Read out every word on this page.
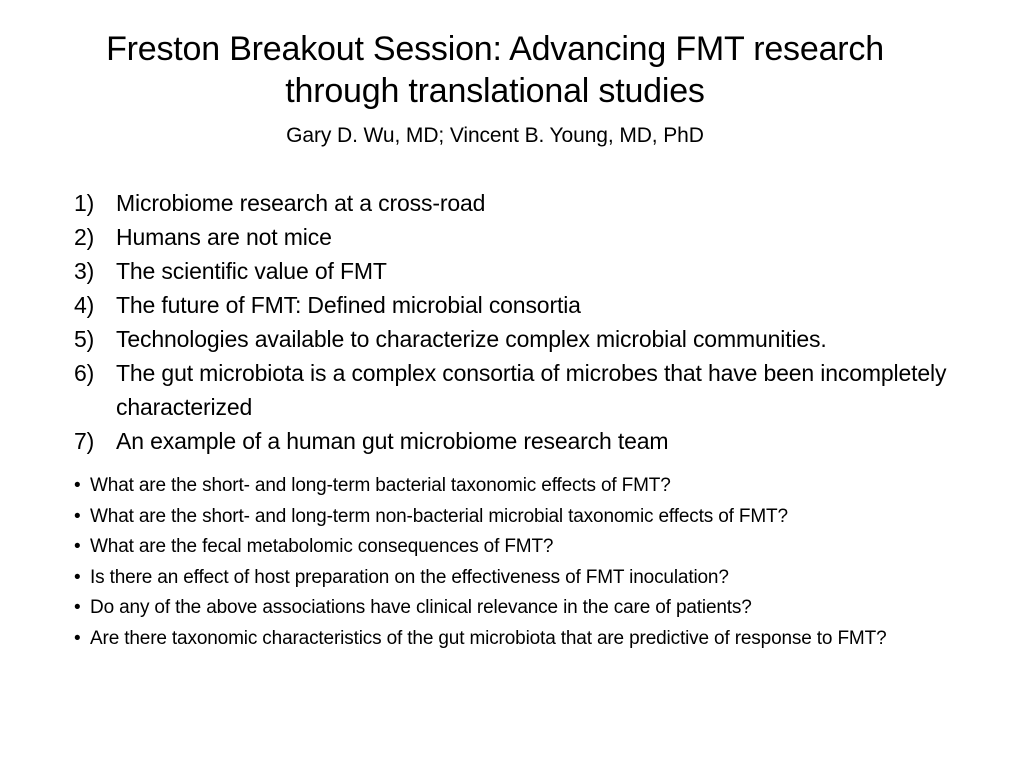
Freston Breakout Session: Advancing FMT research
through translational studies
Gary D. Wu, MD; Vincent B. Young, MD, PhD
1) Microbiome research at a cross-road
2) Humans are not mice
3) The scientific value of FMT
4) The future of FMT: Defined microbial consortia
5) Technologies available to characterize complex microbial communities.
6) The gut microbiota is a complex consortia of microbes that have been incompletely characterized
7) An example of a human gut microbiome research team
• What are the short- and long-term bacterial taxonomic effects of FMT?
• What are the short- and long-term non-bacterial microbial taxonomic effects of FMT?
• What are the fecal metabolomic consequences of FMT?
• Is there an effect of host preparation on the effectiveness of FMT inoculation?
• Do any of the above associations have clinical relevance in the care of patients?
• Are there taxonomic characteristics of the gut microbiota that are predictive of response to FMT?
